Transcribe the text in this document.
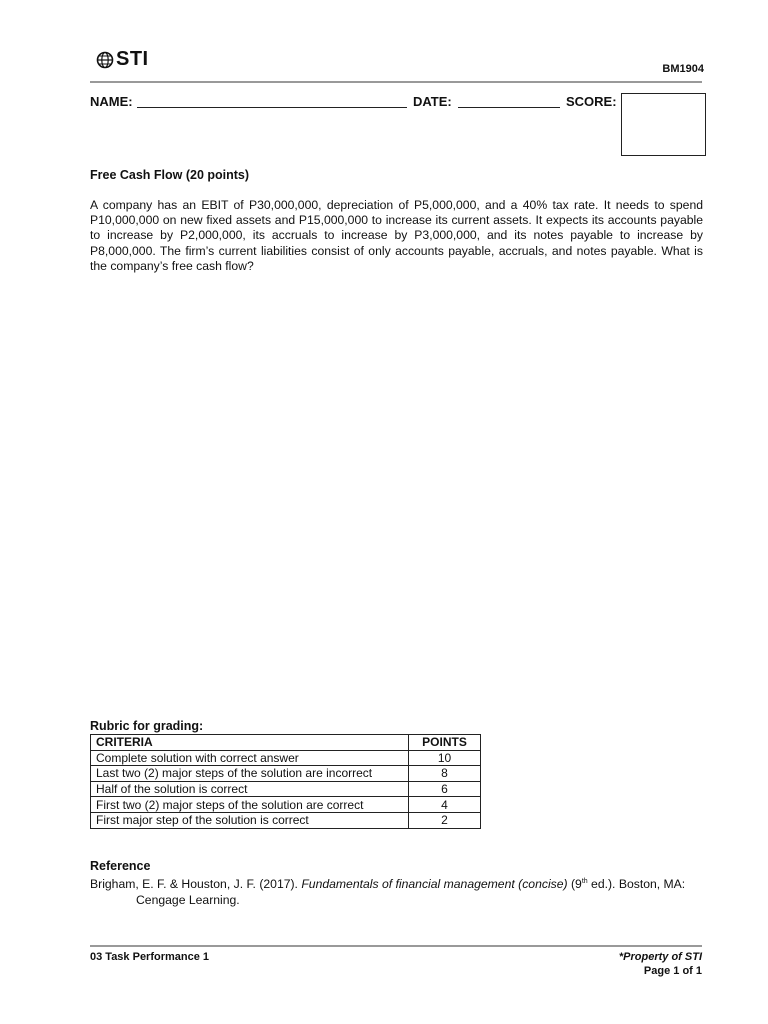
STI	BM1904
NAME:	DATE:	SCORE:
Free Cash Flow (20 points)
A company has an EBIT of P30,000,000, depreciation of P5,000,000, and a 40% tax rate. It needs to spend P10,000,000 on new fixed assets and P15,000,000 to increase its current assets. It expects its accounts payable to increase by P2,000,000, its accruals to increase by P3,000,000, and its notes payable to increase by P8,000,000. The firm’s current liabilities consist of only accounts payable, accruals, and notes payable. What is the company’s free cash flow?
Rubric for grading:
CRITERIA	POINTS
Complete solution with correct answer	10
Last two (2) major steps of the solution are incorrect	8
Half of the solution is correct	6
First two (2) major steps of the solution are correct	4
First major step of the solution is correct	2
Reference
Brigham, E. F. & Houston, J. F. (2017). Fundamentals of financial management (concise) (9th ed.). Boston, MA:
Cengage Learning.
03 Task Performance 1	*Property of STI
Page 1 of 1
